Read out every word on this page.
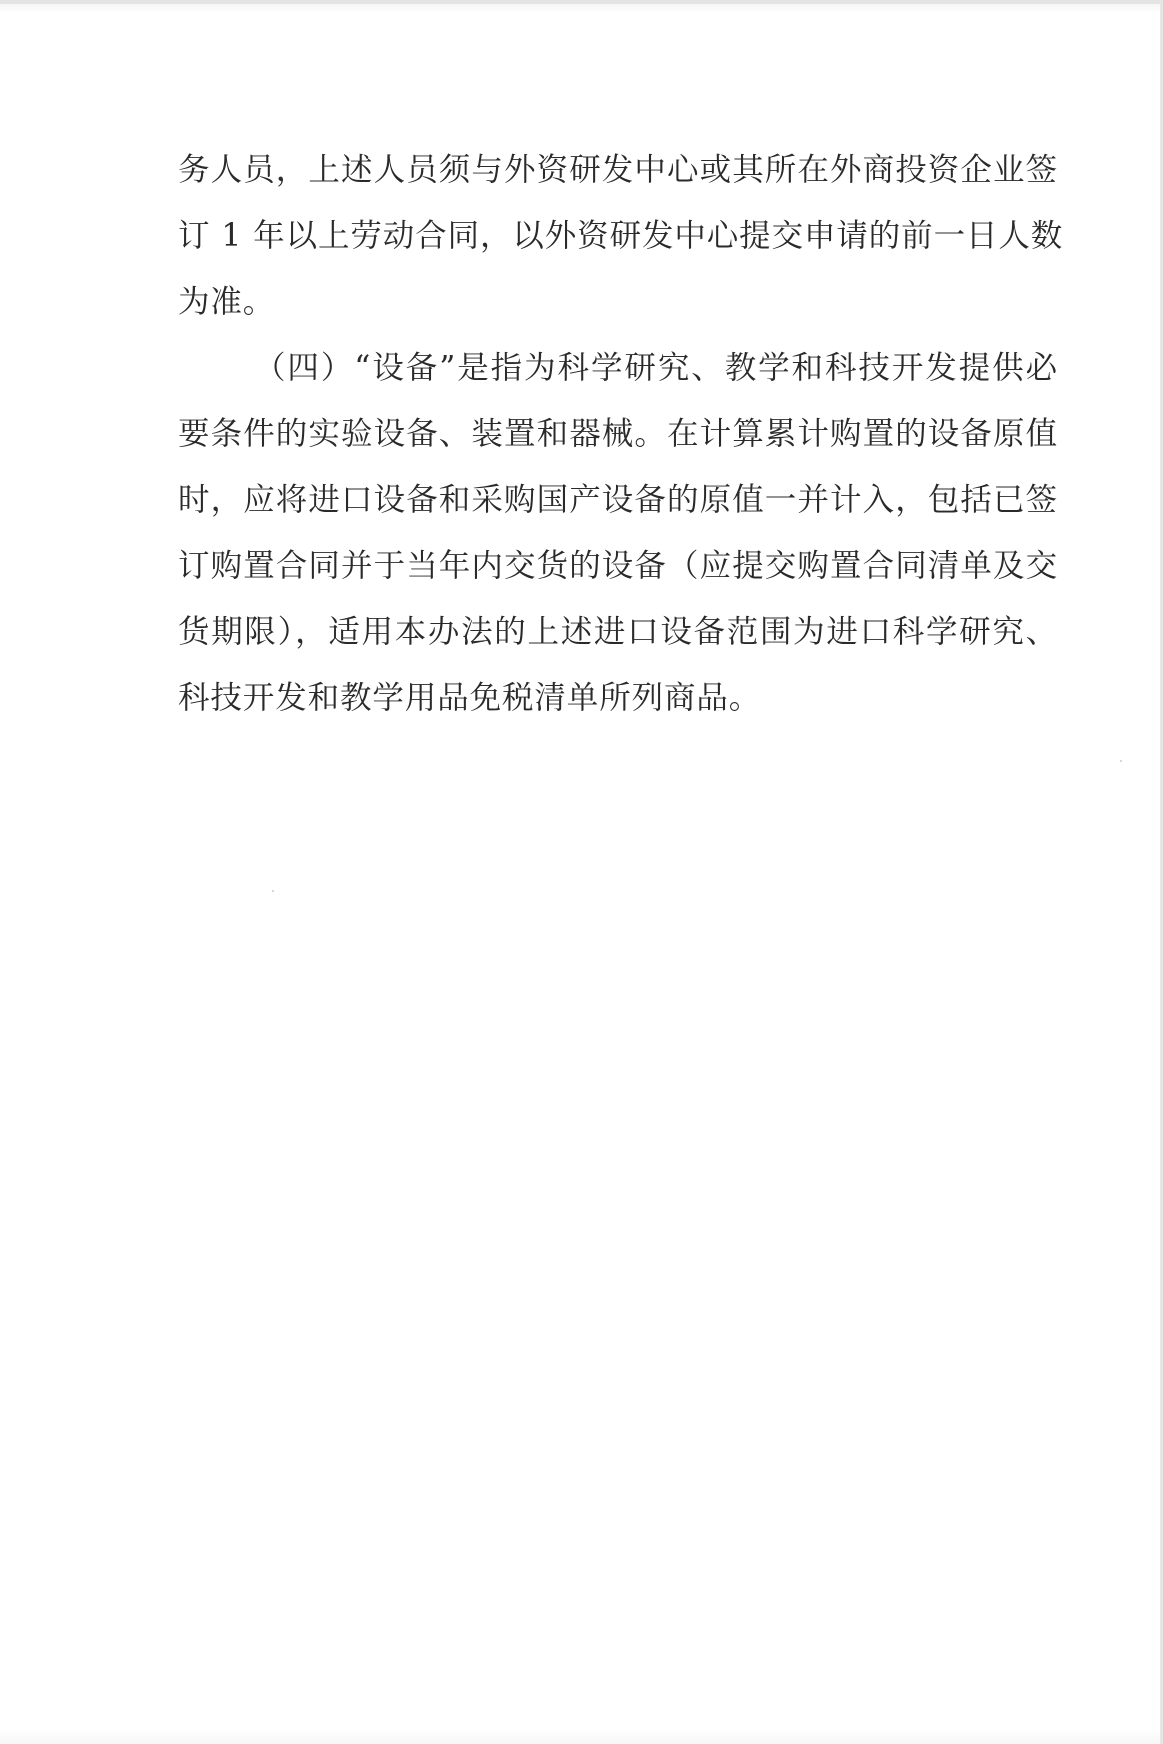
务人员，上述人员须与外资研发中心或其所在外商投资企业签
订 1 年以上劳动合同，以外资研发中心提交申请的前一日人数
为准。
（四）“设备”是指为科学研究、教学和科技开发提供必
要条件的实验设备、装置和器械。在计算累计购置的设备原值
时，应将进口设备和采购国产设备的原值一并计入，包括已签
订购置合同并于当年内交货的设备（应提交购置合同清单及交
货期限），适用本办法的上述进口设备范围为进口科学研究、
科技开发和教学用品免税清单所列商品。
